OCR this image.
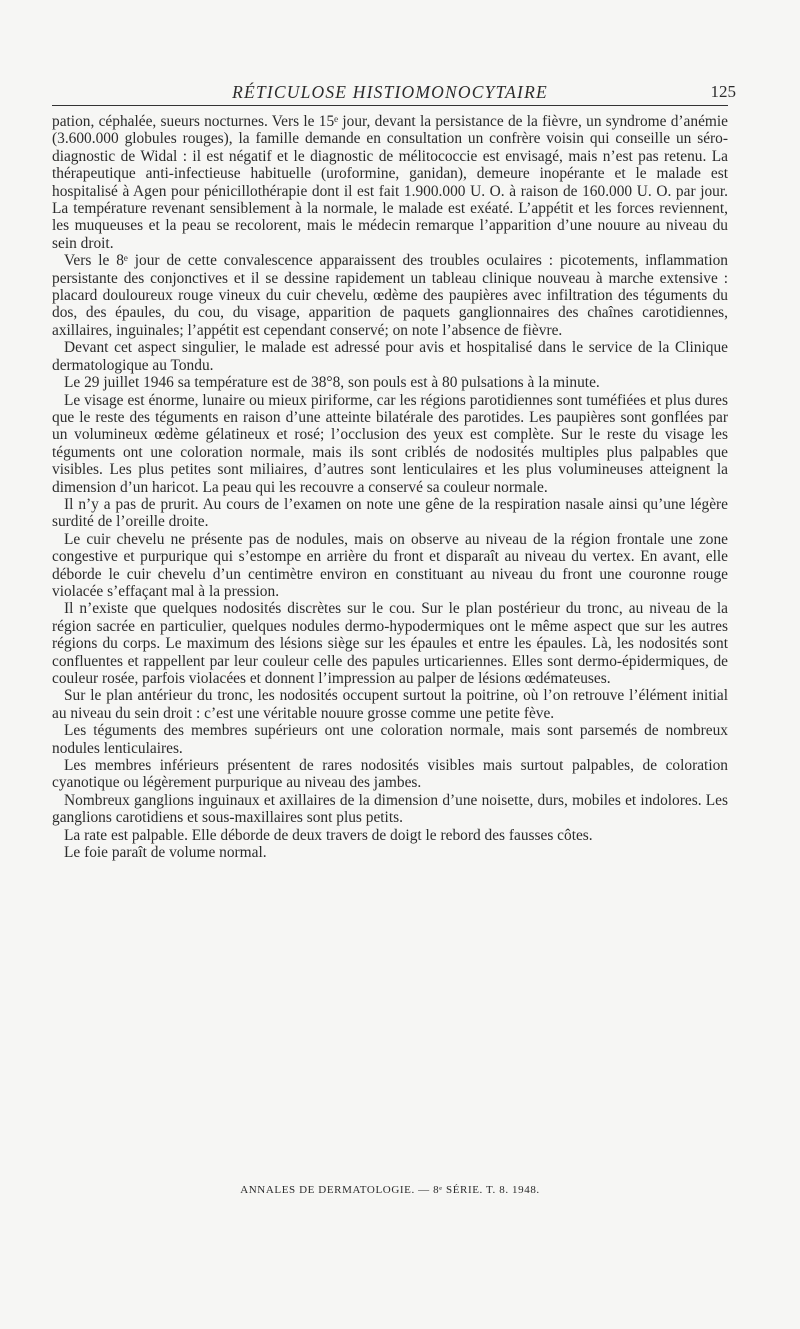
RÉTICULOSE HISTIOMONOCYTAIRE	125

pation, céphalée, sueurs nocturnes. Vers le 15ᵉ jour, devant la persistance de la fièvre, un syndrome d’anémie (3.600.000 globules rouges), la famille demande en consultation un confrère voisin qui conseille un séro-diagnostic de Widal : il est négatif et le diagnostic de mélitococcie est envisagé, mais n’est pas retenu. La thérapeutique anti-infectieuse habituelle (uroformine, ganidan), demeure inopérante et le malade est hospitalisé à Agen pour pénicillothérapie dont il est fait 1.900.000 U. O. à raison de 160.000 U. O. par jour. La température revenant sensiblement à la normale, le malade est exéaté. L’appétit et les forces reviennent, les muqueuses et la peau se recolorent, mais le médecin remarque l’apparition d’une nouure au niveau du sein droit.

Vers le 8ᵉ jour de cette convalescence apparaissent des troubles oculaires : picotements, inflammation persistante des conjonctives et il se dessine rapidement un tableau clinique nouveau à marche extensive : placard douloureux rouge vineux du cuir chevelu, œdème des paupières avec infiltration des téguments du dos, des épaules, du cou, du visage, apparition de paquets ganglionnaires des chaînes carotidiennes, axillaires, inguinales; l’appétit est cependant conservé; on note l’absence de fièvre.

Devant cet aspect singulier, le malade est adressé pour avis et hospitalisé dans le service de la Clinique dermatologique au Tondu.

Le 29 juillet 1946 sa température est de 38°8, son pouls est à 80 pulsations à la minute.

Le visage est énorme, lunaire ou mieux piriforme, car les régions parotidiennes sont tuméfiées et plus dures que le reste des téguments en raison d’une atteinte bilatérale des parotides. Les paupières sont gonflées par un volumineux œdème gélatineux et rosé; l’occlusion des yeux est complète. Sur le reste du visage les téguments ont une coloration normale, mais ils sont criblés de nodosités multiples plus palpables que visibles. Les plus petites sont miliaires, d’autres sont lenticulaires et les plus volumineuses atteignent la dimension d’un haricot. La peau qui les recouvre a conservé sa couleur normale.

Il n’y a pas de prurit. Au cours de l’examen on note une gêne de la respiration nasale ainsi qu’une légère surdité de l’oreille droite.

Le cuir chevelu ne présente pas de nodules, mais on observe au niveau de la région frontale une zone congestive et purpurique qui s’estompe en arrière du front et disparaît au niveau du vertex. En avant, elle déborde le cuir chevelu d’un centimètre environ en constituant au niveau du front une couronne rouge violacée s’effaçant mal à la pression.

Il n’existe que quelques nodosités discrètes sur le cou. Sur le plan postérieur du tronc, au niveau de la région sacrée en particulier, quelques nodules dermo-hypodermiques ont le même aspect que sur les autres régions du corps. Le maximum des lésions siège sur les épaules et entre les épaules. Là, les nodosités sont confluentes et rappellent par leur couleur celle des papules urticariennes. Elles sont dermo-épidermiques, de couleur rosée, parfois violacées et donnent l’impression au palper de lésions œdémateuses.

Sur le plan antérieur du tronc, les nodosités occupent surtout la poitrine, où l’on retrouve l’élément initial au niveau du sein droit : c’est une véritable nouure grosse comme une petite fève.

Les téguments des membres supérieurs ont une coloration normale, mais sont parsemés de nombreux nodules lenticulaires.

Les membres inférieurs présentent de rares nodosités visibles mais surtout palpables, de coloration cyanotique ou légèrement purpurique au niveau des jambes.

Nombreux ganglions inguinaux et axillaires de la dimension d’une noisette, durs, mobiles et indolores. Les ganglions carotidiens et sous-maxillaires sont plus petits.

La rate est palpable. Elle déborde de deux travers de doigt le rebord des fausses côtes.

Le foie paraît de volume normal.

ANNALES DE DERMATOLOGIE. — 8ᵉ SÉRIE. T. 8. 1948.
